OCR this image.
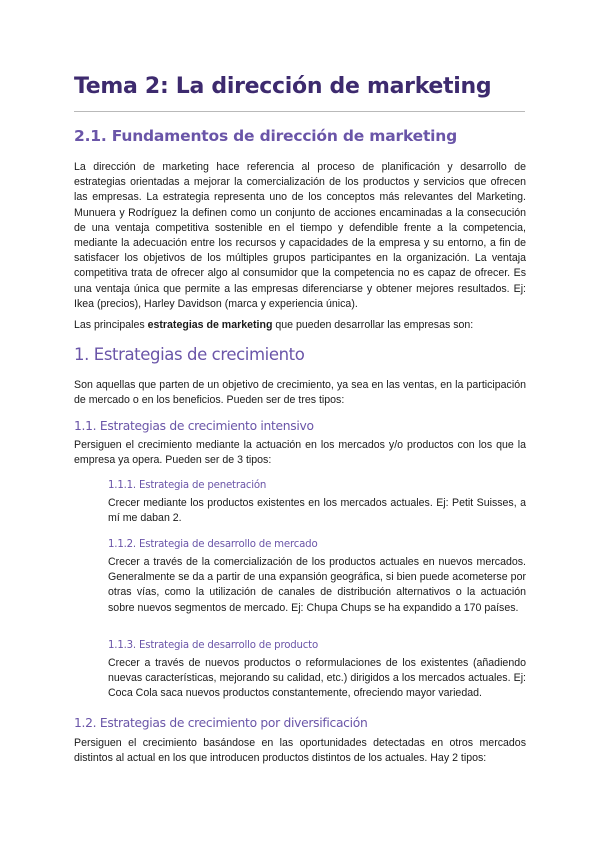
Tema 2: La dirección de marketing
2.1. Fundamentos de dirección de marketing

La dirección de marketing hace referencia al proceso de planificación y desarrollo de estrategias orientadas a mejorar la comercialización de los productos y servicios que ofrecen las empresas. La estrategia representa uno de los conceptos más relevantes del Marketing. Munuera y Rodríguez la definen como un conjunto de acciones encaminadas a la consecución de una ventaja competitiva sostenible en el tiempo y defendible frente a la competencia, mediante la adecuación entre los recursos y capacidades de la empresa y su entorno, a fin de satisfacer los objetivos de los múltiples grupos participantes en la organización. La ventaja competitiva trata de ofrecer algo al consumidor que la competencia no es capaz de ofrecer. Es una ventaja única que permite a las empresas diferenciarse y obtener mejores resultados. Ej: Ikea (precios), Harley Davidson (marca y experiencia única).

Las principales estrategias de marketing que pueden desarrollar las empresas son:

1. Estrategias de crecimiento

Son aquellas que parten de un objetivo de crecimiento, ya sea en las ventas, en la participación de mercado o en los beneficios. Pueden ser de tres tipos:

1.1. Estrategias de crecimiento intensivo

Persiguen el crecimiento mediante la actuación en los mercados y/o productos con los que la empresa ya opera. Pueden ser de 3 tipos:

1.1.1. Estrategia de penetración

Crecer mediante los productos existentes en los mercados actuales. Ej: Petit Suisses, a mí me daban 2.

1.1.2. Estrategia de desarrollo de mercado

Crecer a través de la comercialización de los productos actuales en nuevos mercados. Generalmente se da a partir de una expansión geográfica, si bien puede acometerse por otras vías, como la utilización de canales de distribución alternativos o la actuación sobre nuevos segmentos de mercado. Ej: Chupa Chups se ha expandido a 170 países.

1.1.3. Estrategia de desarrollo de producto

Crecer a través de nuevos productos o reformulaciones de los existentes (añadiendo nuevas características, mejorando su calidad, etc.) dirigidos a los mercados actuales. Ej: Coca Cola saca nuevos productos constantemente, ofreciendo mayor variedad.

1.2. Estrategias de crecimiento por diversificación

Persiguen el crecimiento basándose en las oportunidades detectadas en otros mercados distintos al actual en los que introducen productos distintos de los actuales. Hay 2 tipos:
